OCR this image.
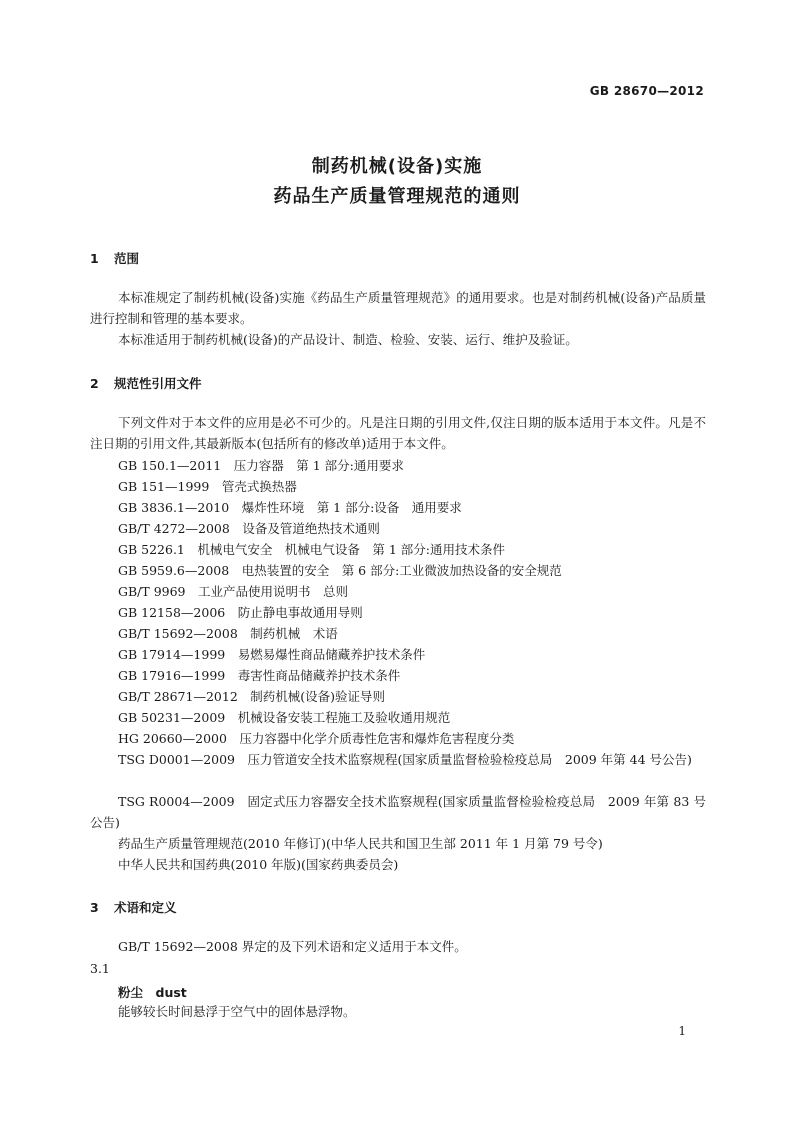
GB 28670—2012
制药机械(设备)实施
药品生产质量管理规范的通则
1 范围
本标准规定了制药机械(设备)实施《药品生产质量管理规范》的通用要求。也是对制药机械(设备)产品质量进行控制和管理的基本要求。
本标准适用于制药机械(设备)的产品设计、制造、检验、安装、运行、维护及验证。
2 规范性引用文件
下列文件对于本文件的应用是必不可少的。凡是注日期的引用文件,仅注日期的版本适用于本文件。凡是不注日期的引用文件,其最新版本(包括所有的修改单)适用于本文件。
GB 150.1—2011　压力容器　第 1 部分:通用要求
GB 151—1999　管壳式换热器
GB 3836.1—2010　爆炸性环境　第 1 部分:设备　通用要求
GB/T 4272—2008　设备及管道绝热技术通则
GB 5226.1　机械电气安全　机械电气设备　第 1 部分:通用技术条件
GB 5959.6—2008　电热装置的安全　第 6 部分:工业微波加热设备的安全规范
GB/T 9969　工业产品使用说明书　总则
GB 12158—2006　防止静电事故通用导则
GB/T 15692—2008　制药机械　术语
GB 17914—1999　易燃易爆性商品储藏养护技术条件
GB 17916—1999　毒害性商品储藏养护技术条件
GB/T 28671—2012　制药机械(设备)验证导则
GB 50231—2009　机械设备安装工程施工及验收通用规范
HG 20660—2000　压力容器中化学介质毒性危害和爆炸危害程度分类
TSG D0001—2009　压力管道安全技术监察规程(国家质量监督检验检疫总局　2009 年第 44 号公告)
TSG R0004—2009　固定式压力容器安全技术监察规程(国家质量监督检验检疫总局　2009 年第 83 号公告)
药品生产质量管理规范(2010 年修订)(中华人民共和国卫生部 2011 年 1 月第 79 号令)
中华人民共和国药典(2010 年版)(国家药典委员会)
3 术语和定义
GB/T 15692—2008 界定的及下列术语和定义适用于本文件。
3.1
粉尘　dust
能够较长时间悬浮于空气中的固体悬浮物。
1
